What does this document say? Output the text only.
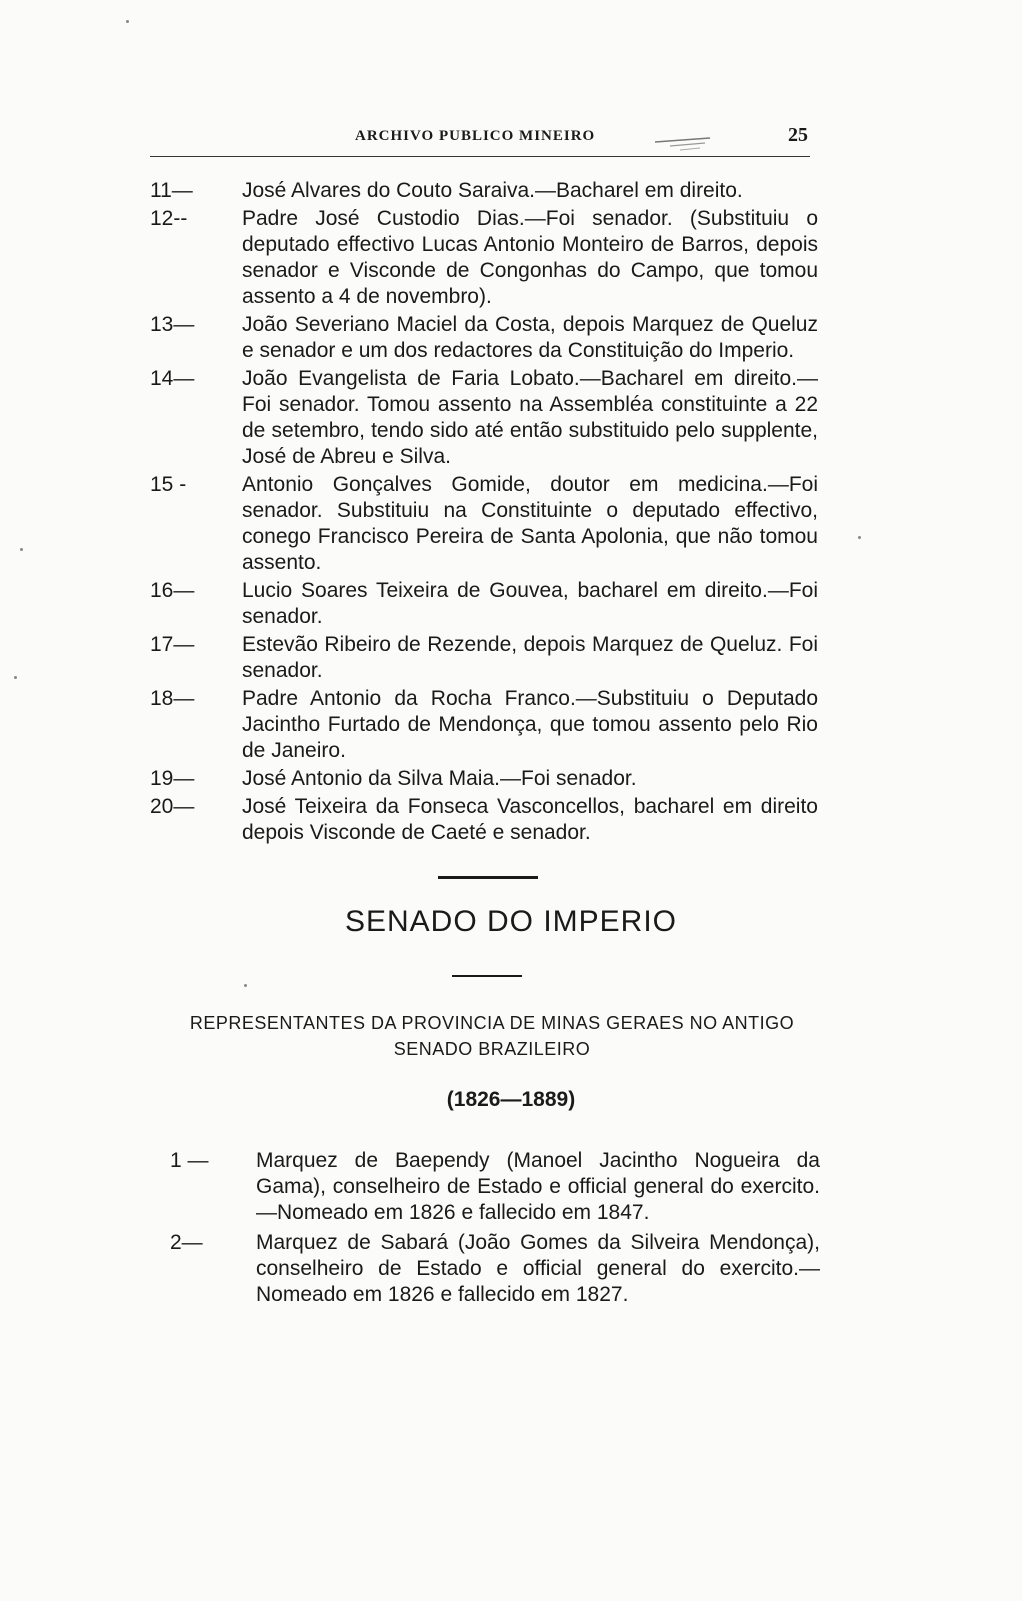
ARCHIVO PUBLICO MINEIRO	25
11—	José Alvares do Couto Saraiva.—Bacharel em direito.
12--	Padre José Custodio Dias.—Foi senador. (Substituiu o deputado effectivo Lucas Antonio Monteiro de Barros, depois senador e Visconde de Congonhas do Campo, que tomou assento a 4 de novembro).
13—	João Severiano Maciel da Costa, depois Marquez de Queluz e senador e um dos redactores da Constituição do Imperio.
14—	João Evangelista de Faria Lobato.—Bacharel em direito.—Foi senador. Tomou assento na Assembléa constituinte a 22 de setembro, tendo sido até então substituido pelo supplente, José de Abreu e Silva.
15 -	Antonio Gonçalves Gomide, doutor em medicina.—Foi senador. Substituiu na Constituinte o deputado effectivo, conego Francisco Pereira de Santa Apolonia, que não tomou assento.
16—	Lucio Soares Teixeira de Gouvea, bacharel em direito.—Foi senador.
17—	Estevão Ribeiro de Rezende, depois Marquez de Queluz. Foi senador.
18—	Padre Antonio da Rocha Franco.—Substituiu o Deputado Jacintho Furtado de Mendonça, que tomou assento pelo Rio de Janeiro.
19—	José Antonio da Silva Maia.—Foi senador.
20—	José Teixeira da Fonseca Vasconcellos, bacharel em direito depois Visconde de Caeté e senador.
SENADO DO IMPERIO
REPRESENTANTES DA PROVINCIA DE MINAS GERAES NO ANTIGO
SENADO BRAZILEIRO
(1826—1889)
1 —	Marquez de Baependy (Manoel Jacintho Nogueira da Gama), conselheiro de Estado e official general do exercito.—Nomeado em 1826 e fallecido em 1847.
2—	Marquez de Sabará (João Gomes da Silveira Mendonça), conselheiro de Estado e official general do exercito.—Nomeado em 1826 e fallecido em 1827.
